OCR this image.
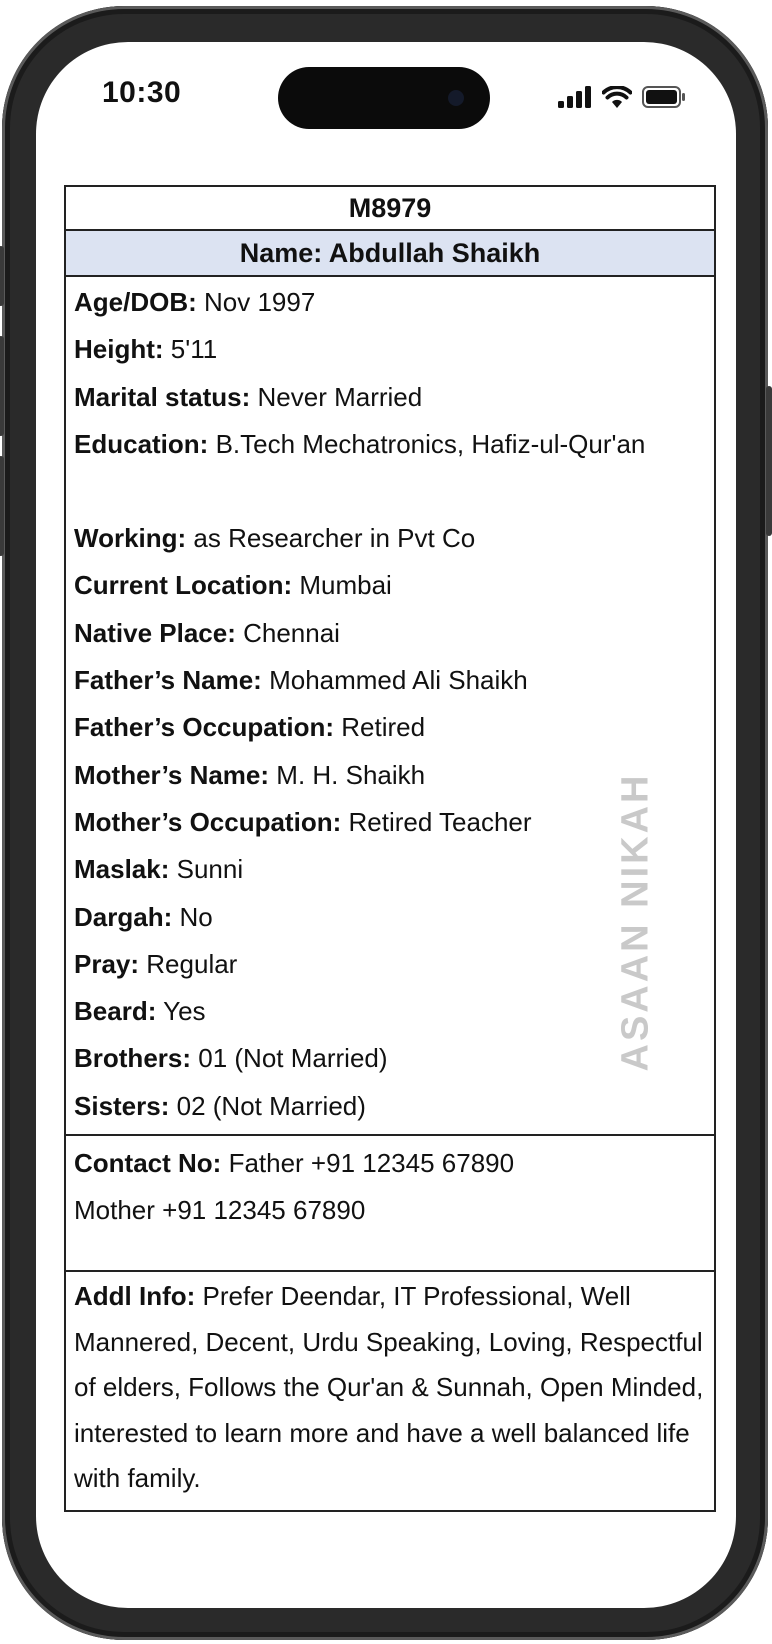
10:30
M8979
Name: Abdullah Shaikh
Age/DOB: Nov 1997
Height: 5'11
Marital status: Never Married
Education: B.Tech Mechatronics, Hafiz-ul-Qur'an
Working: as Researcher in Pvt Co
Current Location: Mumbai
Native Place: Chennai
Father’s Name: Mohammed Ali Shaikh
Father’s Occupation: Retired
Mother’s Name: M. H. Shaikh
Mother’s Occupation: Retired Teacher
Maslak: Sunni
Dargah: No
Pray: Regular
Beard: Yes
Brothers: 01 (Not Married)
Sisters: 02 (Not Married)
Contact No: Father +91 12345 67890
Mother +91 12345 67890
Addl Info: Prefer Deendar, IT Professional, Well Mannered, Decent, Urdu Speaking, Loving, Respectful of elders, Follows the Qur'an & Sunnah, Open Minded, interested to learn more and have a well balanced life with family.
ASAAN NIKAH
